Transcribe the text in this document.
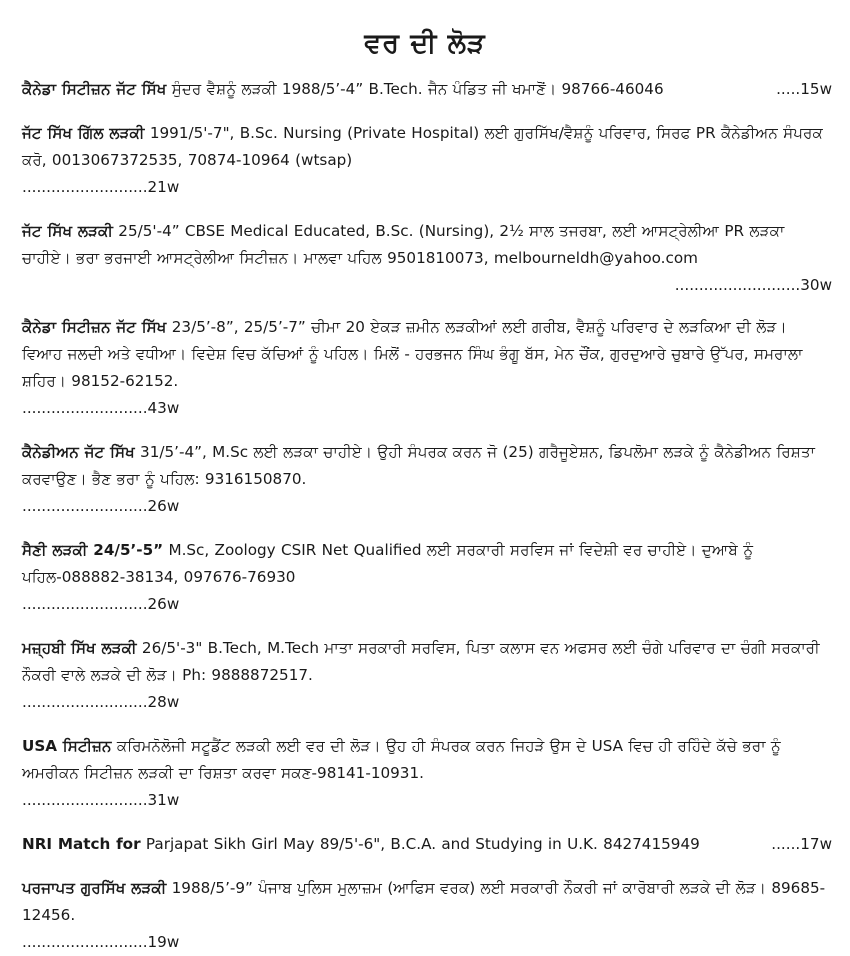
ਵਰ ਦੀ ਲੋੜ

ਕੈਨੇਡਾ ਸਿਟੀਜ਼ਨ ਜੱਟ ਸਿੱਖ ਸੁੰਦਰ ਵੈਸ਼ਨੂੰ ਲੜਕੀ 1988/5’-4” B.Tech. ਜੈਨ ਪੰਡਿਤ ਜੀ ਖਮਾਣੋਂ। 98766-46046	.....15w

ਜੱਟ ਸਿੱਖ ਗਿੱਲ ਲੜਕੀ 1991/5'-7", B.Sc. Nursing (Private Hospital) ਲਈ ਗੁਰਸਿੱਖ/ਵੈਸ਼ਨੂੰ ਪਰਿਵਾਰ, ਸਿਰਫ PR ਕੈਨੇਡੀਅਨ ਸੰਪਰਕ ਕਰੋ, 0013067372535, 70874-10964 (wtsap)

..........................21w

ਜੱਟ ਸਿੱਖ ਲੜਕੀ 25/5'-4” CBSE Medical Educated, B.Sc. (Nursing), 2½ ਸਾਲ ਤਜਰਬਾ, ਲਈ ਆਸਟ੍ਰੇਲੀਆ PR ਲੜਕਾ ਚਾਹੀਏ। ਭਰਾ ਭਰਜਾਈ ਆਸਟ੍ਰੇਲੀਆ ਸਿਟੀਜ਼ਨ। ਮਾਲਵਾ ਪਹਿਲ 9501810073, melbourneldh@yahoo.com

..........................30w

ਕੈਨੇਡਾ ਸਿਟੀਜ਼ਨ ਜੱਟ ਸਿੱਖ 23/5’-8”, 25/5’-7” ਚੀਮਾ 20 ਏਕੜ ਜ਼ਮੀਨ ਲੜਕੀਆਂ ਲਈ ਗਰੀਬ, ਵੈਸ਼ਨੂੰ ਪਰਿਵਾਰ ਦੇ ਲੜਕਿਆ ਦੀ ਲੋੜ। ਵਿਆਹ ਜਲਦੀ ਅਤੇ ਵਧੀਆ। ਵਿਦੇਸ਼ ਵਿਚ ਕੱਚਿਆਂ ਨੂੰ ਪਹਿਲ। ਮਿਲੋਂ - ਹਰਭਜਨ ਸਿੰਘ ਭੰਗੂ ਬੱਸ, ਮੇਨ ਚੌਂਕ, ਗੁਰਦੁਆਰੇ ਚੁਬਾਰੇ ਉੱਪਰ, ਸਮਰਾਲਾ ਸ਼ਹਿਰ। 98152-62152.

..........................43w

ਕੈਨੇਡੀਅਨ ਜੱਟ ਸਿੱਖ 31/5’-4”, M.Sc ਲਈ ਲੜਕਾ ਚਾਹੀਏ। ਉਹੀ ਸੰਪਰਕ ਕਰਨ ਜੋ (25) ਗਰੈਜੂਏਸ਼ਨ, ਡਿਪਲੋਮਾ ਲੜਕੇ ਨੂੰ ਕੈਨੇਡੀਅਨ ਰਿਸ਼ਤਾ ਕਰਵਾਉਣ। ਭੈਣ ਭਰਾ ਨੂੰ ਪਹਿਲ: 9316150870.

..........................26w

ਸੈਣੀ ਲੜਕੀ 24/5’-5” M.Sc, Zoology CSIR Net Qualified ਲਈ ਸਰਕਾਰੀ ਸਰਵਿਸ ਜਾਂ ਵਿਦੇਸ਼ੀ ਵਰ ਚਾਹੀਏ। ਦੁਆਬੇ ਨੂੰ ਪਹਿਲ-088882-38134, 097676-76930

..........................26w

ਮਜ਼੍ਹਬੀ ਸਿੱਖ ਲੜਕੀ 26/5'-3" B.Tech, M.Tech ਮਾਤਾ ਸਰਕਾਰੀ ਸਰਵਿਸ, ਪਿਤਾ ਕਲਾਸ ਵਨ ਅਫਸਰ ਲਈ ਚੰਗੇ ਪਰਿਵਾਰ ਦਾ ਚੰਗੀ ਸਰਕਾਰੀ ਨੌਕਰੀ ਵਾਲੇ ਲੜਕੇ ਦੀ ਲੋੜ। Ph: 9888872517.

..........................28w

USA ਸਿਟੀਜ਼ਨ ਕਰਿਮਨੋਲੋਜੀ ਸਟੂਡੈਂਟ ਲੜਕੀ ਲਈ ਵਰ ਦੀ ਲੋੜ। ਉਹ ਹੀ ਸੰਪਰਕ ਕਰਨ ਜਿਹੜੇ ਉਸ ਦੇ USA ਵਿਚ ਹੀ ਰਹਿੰਦੇ ਕੱਚੇ ਭਰਾ ਨੂੰ ਅਮਰੀਕਨ ਸਿਟੀਜ਼ਨ ਲੜਕੀ ਦਾ ਰਿਸ਼ਤਾ ਕਰਵਾ ਸਕਣ-98141-10931.

..........................31w

NRI Match for Parjapat Sikh Girl May 89/5'-6", B.C.A. and Studying in U.K. 8427415949	......17w

ਪਰਜਾਪਤ ਗੁਰਸਿੱਖ ਲੜਕੀ 1988/5’-9” ਪੰਜਾਬ ਪੁਲਿਸ ਮੁਲਾਜ਼ਮ (ਆਫਿਸ ਵਰਕ) ਲਈ ਸਰਕਾਰੀ ਨੌਕਰੀ ਜਾਂ ਕਾਰੋਬਾਰੀ ਲੜਕੇ ਦੀ ਲੋੜ। 89685-12456.

..........................19w
